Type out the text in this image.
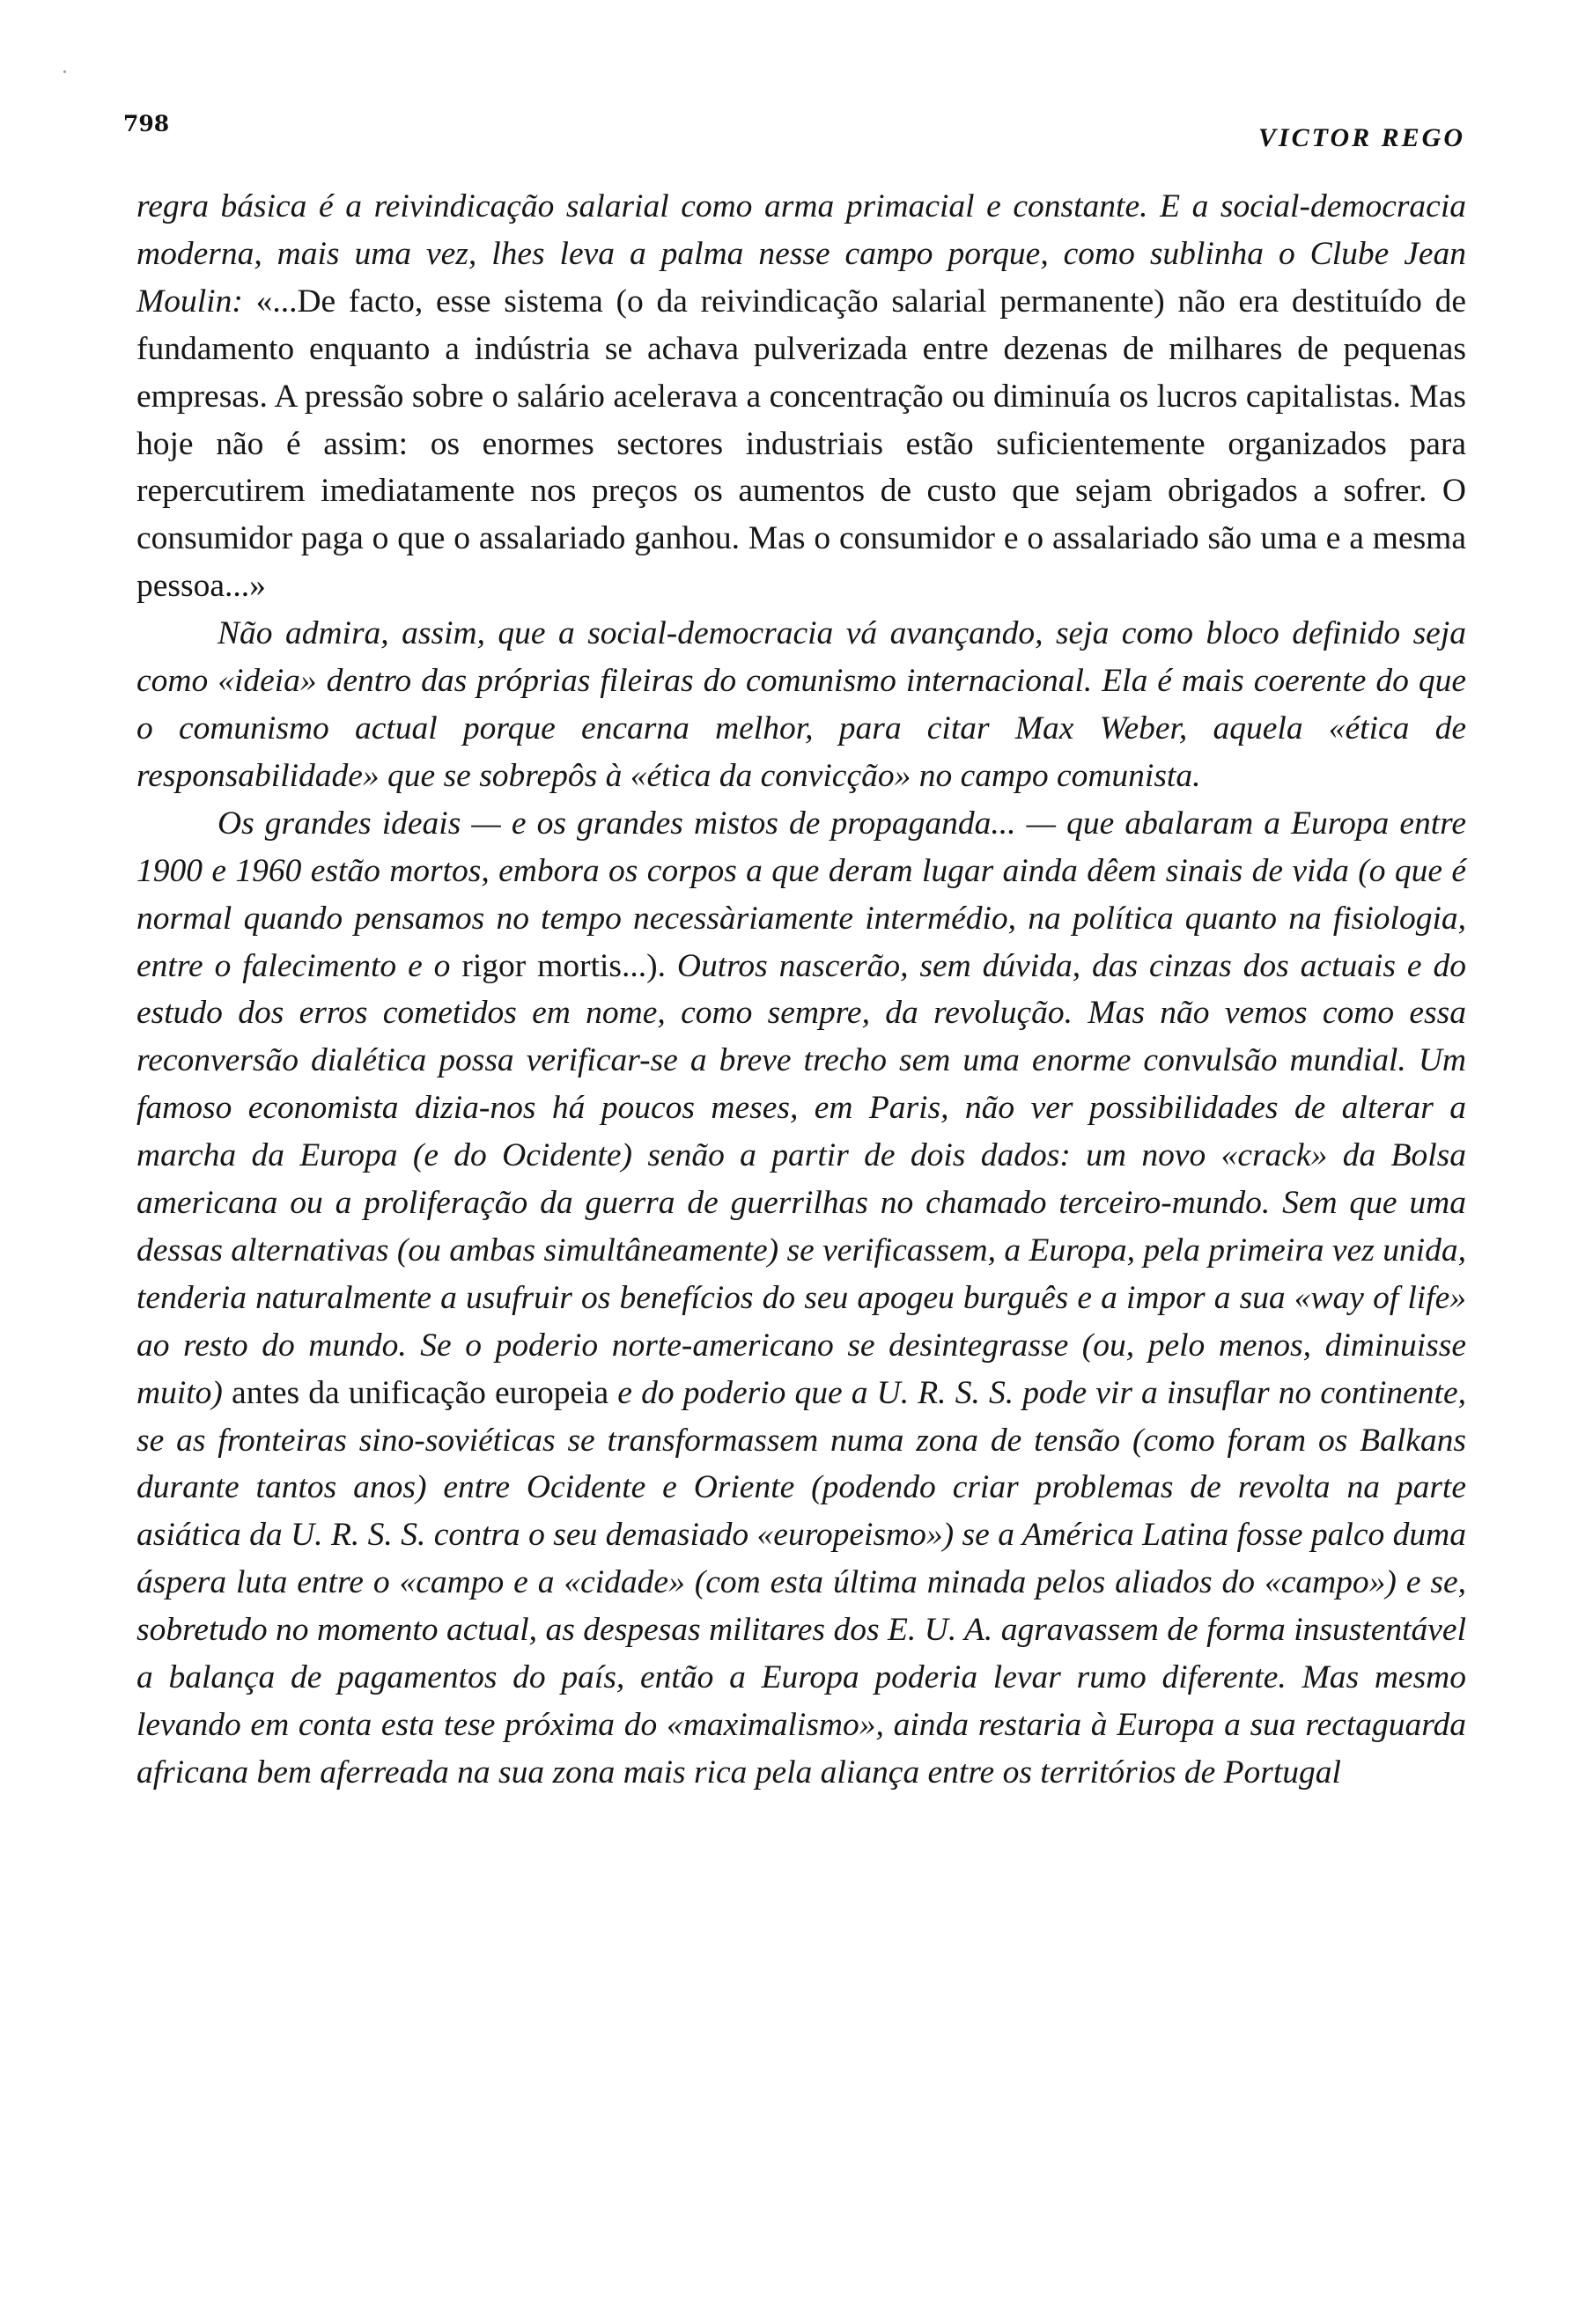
798	VICTOR REGO

regra básica é a reivindicação salarial como arma primacial e constante. E a social-democracia moderna, mais uma vez, lhes leva a palma nesse campo porque, como sublinha o Clube Jean Moulin: «...De facto, esse sistema (o da reivindicação salarial permanente) não era destituído de fundamento enquanto a indústria se achava pulverizada entre dezenas de milhares de pequenas empresas. A pressão sobre o salário acelerava a concentração ou diminuía os lucros capitalistas. Mas hoje não é assim: os enormes sectores industriais estão suficientemente organizados para repercutirem imediatamente nos preços os aumentos de custo que sejam obrigados a sofrer. O consumidor paga o que o assalariado ganhou. Mas o consumidor e o assalariado são uma e a mesma pessoa...»

Não admira, assim, que a social-democracia vá avançando, seja como bloco definido seja como «ideia» dentro das próprias fileiras do comunismo internacional. Ela é mais coerente do que o comunismo actual porque encarna melhor, para citar Max Weber, aquela «ética de responsabilidade» que se sobrepôs à «ética da convicção» no campo comunista.

Os grandes ideais — e os grandes mistos de propaganda... — que abalaram a Europa entre 1900 e 1960 estão mortos, embora os corpos a que deram lugar ainda dêem sinais de vida (o que é normal quando pensamos no tempo necessàriamente intermédio, na política quanto na fisiologia, entre o falecimento e o rigor mortis...). Outros nascerão, sem dúvida, das cinzas dos actuais e do estudo dos erros cometidos em nome, como sempre, da revolução. Mas não vemos como essa reconversão dialética possa verificar-se a breve trecho sem uma enorme convulsão mundial. Um famoso economista dizia-nos há poucos meses, em Paris, não ver possibilidades de alterar a marcha da Europa (e do Ocidente) senão a partir de dois dados: um novo «crack» da Bolsa americana ou a proliferação da guerra de guerrilhas no chamado terceiro-mundo. Sem que uma dessas alternativas (ou ambas simultâneamente) se verificassem, a Europa, pela primeira vez unida, tenderia naturalmente a usufruir os benefícios do seu apogeu burguês e a impor a sua «way of life» ao resto do mundo. Se o poderio norte-americano se desintegrasse (ou, pelo menos, diminuisse muito) antes da unificação europeia e do poderio que a U. R. S. S. pode vir a insuflar no continente, se as fronteiras sino-soviéticas se transformassem numa zona de tensão (como foram os Balkans durante tantos anos) entre Ocidente e Oriente (podendo criar problemas de revolta na parte asiática da U. R. S. S. contra o seu demasiado «europeismo») se a América Latina fosse palco duma áspera luta entre o «campo e a «cidade» (com esta última minada pelos aliados do «campo») e se, sobretudo no momento actual, as despesas militares dos E. U. A. agravassem de forma insustentável a balança de pagamentos do país, então a Europa poderia levar rumo diferente. Mas mesmo levando em conta esta tese próxima do «maximalismo», ainda restaria à Europa a sua rectaguarda africana bem aferreada na sua zona mais rica pela aliança entre os territórios de Portugal
